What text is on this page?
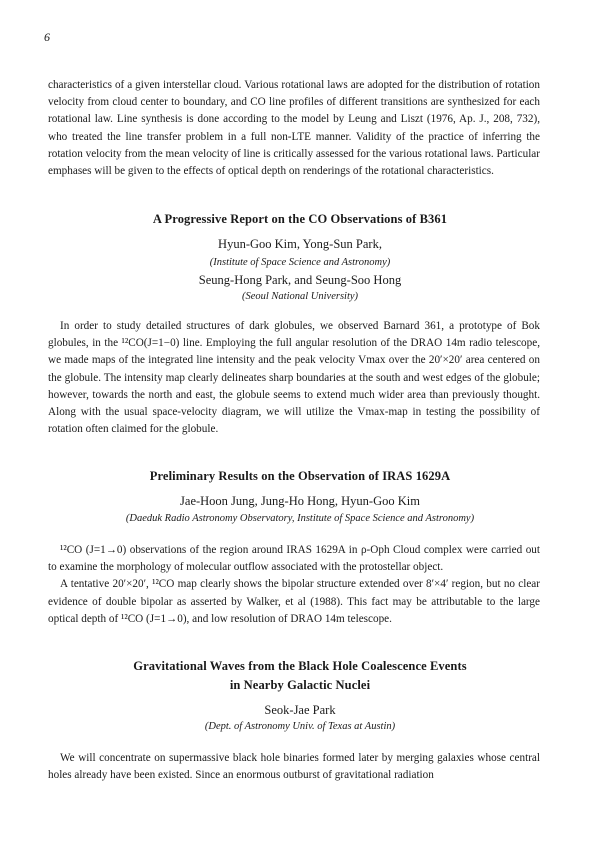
6

characteristics of a given interstellar cloud. Various rotational laws are adopted for the distribution of rotation velocity from cloud center to boundary, and CO line profiles of different transitions are synthesized for each rotational law. Line synthesis is done according to the model by Leung and Liszt (1976, Ap. J., 208, 732), who treated the line transfer problem in a full non-LTE manner. Validity of the practice of inferring the rotation velocity from the mean velocity of line is critically assessed for the various rotational laws. Particular emphases will be given to the effects of optical depth on renderings of the rotational characteristics.

A Progressive Report on the CO Observations of B361
Hyun-Goo Kim, Yong-Sun Park,
(Institute of Space Science and Astronomy)
Seung-Hong Park, and Seung-Soo Hong
(Seoul National University)

In order to study detailed structures of dark globules, we observed Barnard 361, a prototype of Bok globules, in the ¹²CO(J=1−0) line. Employing the full angular resolution of the DRAO 14m radio telescope, we made maps of the integrated line intensity and the peak velocity Vmax over the 20′×20′ area centered on the globule. The intensity map clearly delineates sharp boundaries at the south and west edges of the globule; however, towards the north and east, the globule seems to extend much wider area than previously thought. Along with the usual space-velocity diagram, we will utilize the Vmax-map in testing the possibility of rotation often claimed for the globule.

Preliminary Results on the Observation of IRAS 1629A
Jae-Hoon Jung, Jung-Ho Hong, Hyun-Goo Kim
(Daeduk Radio Astronomy Observatory, Institute of Space Science and Astronomy)

¹²CO (J=1→0) observations of the region around IRAS 1629A in ρ-Oph Cloud complex were carried out to examine the morphology of molecular outflow associated with the protostellar object.

A tentative 20′×20′, ¹²CO map clearly shows the bipolar structure extended over 8′×4′ region, but no clear evidence of double bipolar as asserted by Walker, et al (1988). This fact may be attributable to the large optical depth of ¹²CO (J=1→0), and low resolution of DRAO 14m telescope.

Gravitational Waves from the Black Hole Coalescence Events
in Nearby Galactic Nuclei
Seok-Jae Park
(Dept. of Astronomy Univ. of Texas at Austin)

We will concentrate on supermassive black hole binaries formed later by merging galaxies whose central holes already have been existed. Since an enormous outburst of gravitational radiation
